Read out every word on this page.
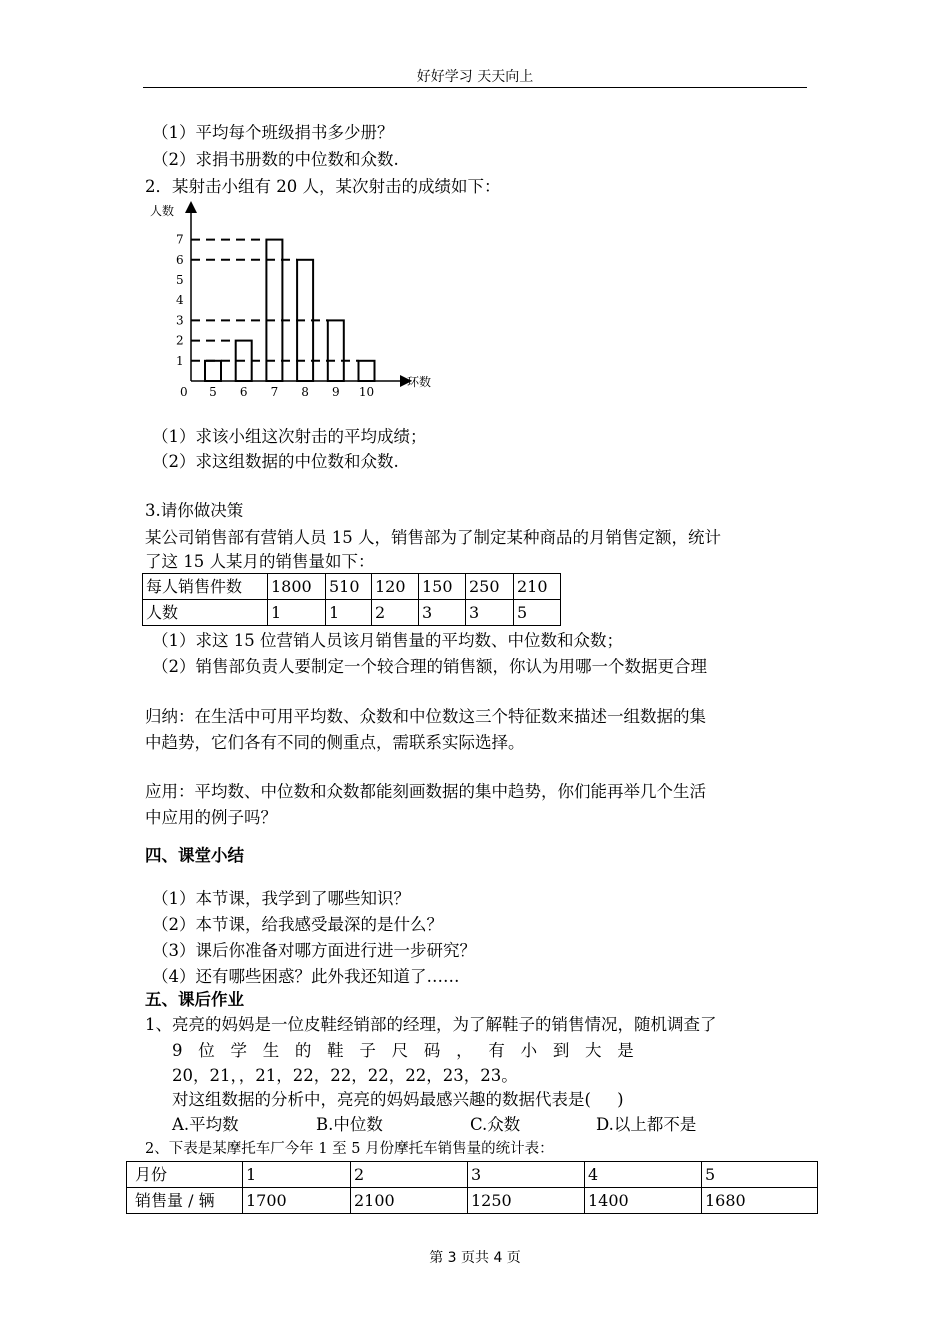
好好学习 天天向上
（1）平均每个班级捐书多少册？
（2）求捐书册数的中位数和众数.
2．某射击小组有 20 人，某次射击的成绩如下：
1
2
3
4
5
6
7
5 6 7 8 9 10
人数
环数
0
（1）求该小组这次射击的平均成绩；
（2）求这组数据的中位数和众数.
3.请你做决策
某公司销售部有营销人员 15 人，销售部为了制定某种商品的月销售定额，统计
了这 15 人某月的销售量如下：
每人销售件数	1800	510	120	150	250	210
人数	1	1	2	3	3	5
（1）求这 15 位营销人员该月销售量的平均数、中位数和众数；
（2）销售部负责人要制定一个较合理的销售额，你认为用哪一个数据更合理
归纳：在生活中可用平均数、众数和中位数这三个特征数来描述一组数据的集
中趋势，它们各有不同的侧重点，需联系实际选择。
应用：平均数、中位数和众数都能刻画数据的集中趋势，你们能再举几个生活
中应用的例子吗？
四、课堂小结
（1）本节课，我学到了哪些知识？
（2）本节课，给我感受最深的是什么？
（3）课后你准备对哪方面进行进一步研究？
（4）还有哪些困惑？此外我还知道了……
五、课后作业
1、亮亮的妈妈是一位皮鞋经销部的经理，为了解鞋子的销售情况，随机调查了
9   位   学   生   的   鞋   子   尺   码   ，   有   小   到   大   是
20，21，，21，22，22，22，22，23，23。
对这组数据的分析中，亮亮的妈妈最感兴趣的数据代表是(     )
A.平均数	B.中位数	C.众数	D.以上都不是
2、下表是某摩托车厂今年 1 至 5 月份摩托车销售量的统计表：
月份	1	2	3	4	5
销售量 / 辆	1700	2100	1250	1400	1680
第 3 页共 4 页
